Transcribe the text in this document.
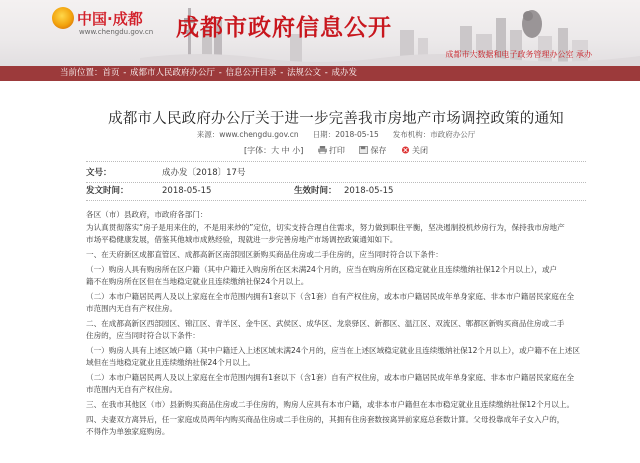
中国·成都
www.chengdu.gov.cn 成都市政府信息公开
成都市大数据和电子政务管理办公室 承办
当前位置：首页 - 成都市人民政府办公厅 - 信息公开目录 - 法规公文 - 成办发
成都市人民政府办公厅关于进一步完善我市房地产市场调控政策的通知
来源：www.chengdu.gov.cn 日期：2018-05-15 发布机构：市政府办公厅
[字体：大 中 小]	打印	保存	关闭
文号：	成办发〔2018〕17号
发文时间：	2018-05-15	生效时间： 2018-05-15

各区（市）县政府，市政府各部门：

为认真贯彻落实“房子是用来住的，不是用来炒的”定位，切实支持合理自住需求，努力做到职住平衡，坚决遏制投机炒房行为，保持我市房地产

市场平稳健康发展，借鉴其他城市成熟经验，现就进一步完善房地产市场调控政策通知如下。

一、在天府新区成都直管区、成都高新区南部园区新购买商品住房或二手住房的，应当同时符合以下条件：

（一）购房人具有购房所在区户籍（其中户籍迁入购房所在区未满24个月的，应当在购房所在区稳定就业且连续缴纳社保12个月以上），或户

籍不在购房所在区但在当地稳定就业且连续缴纳社保24个月以上。

（二）本市户籍居民两人及以上家庭在全市范围内拥有1套以下（含1套）自有产权住房，或本市户籍居民成年单身家庭、非本市户籍居民家庭在全

市范围内无自有产权住房。

二、在成都高新区西部园区、锦江区、青羊区、金牛区、武侯区、成华区、龙泉驿区、新都区、温江区、双流区、郫都区新购买商品住房或二手

住房的，应当同时符合以下条件：

（一）购房人具有上述区域户籍（其中户籍迁入上述区域未满24个月的，应当在上述区域稳定就业且连续缴纳社保12个月以上），或户籍不在上述区

域但在当地稳定就业且连续缴纳社保24个月以上。

（二）本市户籍居民两人及以上家庭在全市范围内拥有1套以下（含1套）自有产权住房，或本市户籍居民成年单身家庭、非本市户籍居民家庭在全

市范围内无自有产权住房。

三、在我市其他区（市）县新购买商品住房或二手住房的，购房人应具有本市户籍，或非本市户籍但在本市稳定就业且连续缴纳社保12个月以上。

四、夫妻双方离异后，任一家庭成员两年内购买商品住房或二手住房的，其拥有住房套数按离异前家庭总套数计算。父母投靠成年子女入户的，

不得作为单独家庭购房。
